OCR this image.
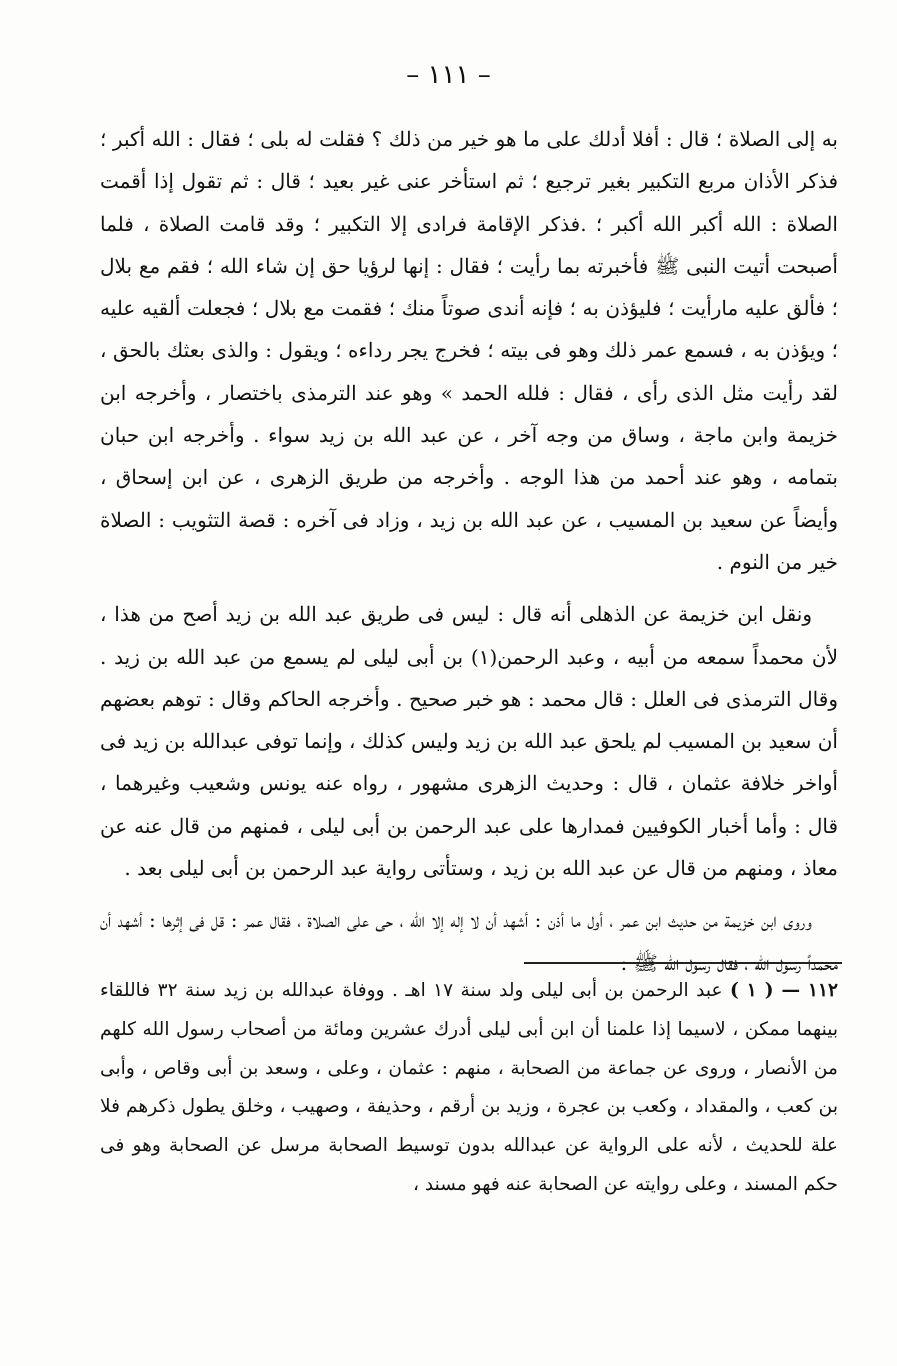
– ١١١ –

به إلى الصلاة ؛ قال : أفلا أدلك على ما هو خير من ذلك ؟ فقلت له بلى ؛ فقال : الله أكبر ؛ فذكر الأذان مربع التكبير بغير ترجيع ؛ ثم استأخر عنى غير بعيد ؛ قال : ثم تقول إذا أقمت الصلاة : الله أكبر الله أكبر ؛ .فذكر الإقامة فرادى إلا التكبير ؛ وقد قامت الصلاة ، فلما أصبحت أتيت النبى ﷺ فأخبرته بما رأيت ؛ فقال : إنها لرؤيا حق إن شاء الله ؛ فقم مع بلال ؛ فألق عليه مارأيت ؛ فليؤذن به ؛ فإنه أندى صوتاً منك ؛ فقمت مع بلال ؛ فجعلت ألقيه عليه ؛ ويؤذن به ، فسمع عمر ذلك وهو فى بيته ؛ فخرج يجر رداءه ؛ ويقول : والذى بعثك بالحق ، لقد رأيت مثل الذى رأى ، فقال : فلله الحمد » وهو عند الترمذى باختصار ، وأخرجه ابن خزيمة وابن ماجة ، وساق من وجه آخر ، عن عبد الله بن زيد سواء . وأخرجه ابن حبان بتمامه ، وهو عند أحمد من هذا الوجه . وأخرجه من طريق الزهرى ، عن ابن إسحاق ، وأيضاً عن سعيد بن المسيب ، عن عبد الله بن زيد ، وزاد فى آخره : قصة التثويب : الصلاة خير من النوم .

ونقل ابن خزيمة عن الذهلى أنه قال : ليس فى طريق عبد الله بن زيد أصح من هذا ، لأن محمداً سمعه من أبيه ، وعبد الرحمن(١) بن أبى ليلى لم يسمع من عبد الله بن زيد . وقال الترمذى فى العلل : قال محمد : هو خبر صحيح . وأخرجه الحاكم وقال : توهم بعضهم أن سعيد بن المسيب لم يلحق عبد الله بن زيد وليس كذلك ، وإنما توفى عبدالله بن زيد فى أواخر خلافة عثمان ، قال : وحديث الزهرى مشهور ، رواه عنه يونس وشعيب وغيرهما ، قال : وأما أخبار الكوفيين فمدارها على عبد الرحمن بن أبى ليلى ، فمنهم من قال عنه عن معاذ ، ومنهم من قال عن عبد الله بن زيد ، وستأتى رواية عبد الرحمن بن أبى ليلى بعد .

وروى ابن خزيمة من حديث ابن عمر ، أول ما أذن : أشهد أن لا إله إلا الله ، حى على الصلاة ، فقال عمر : قل فى إثرها : أشهد أن محمداً رسول الله ، فقال رسول الله ﷺ :

١١٢ — ( ١ ) عبد الرحمن بن أبى ليلى ولد سنة ١٧ اهـ . ووفاة عبدالله بن زيد سنة ٣٢ فاللقاء بينهما ممكن ، لاسيما إذا علمنا أن ابن أبى ليلى أدرك عشرين ومائة من أصحاب رسول الله كلهم من الأنصار ، وروى عن جماعة من الصحابة ، منهم : عثمان ، وعلى ، وسعد بن أبى وقاص ، وأبى بن كعب ، والمقداد ، وكعب بن عجرة ، وزيد بن أرقم ، وحذيفة ، وصهيب ، وخلق يطول ذكرهم فلا علة للحديث ، لأنه على الرواية عن عبدالله بدون توسيط الصحابة مرسل عن الصحابة وهو فى حكم المسند ، وعلى روايته عن الصحابة عنه فهو مسند ،
